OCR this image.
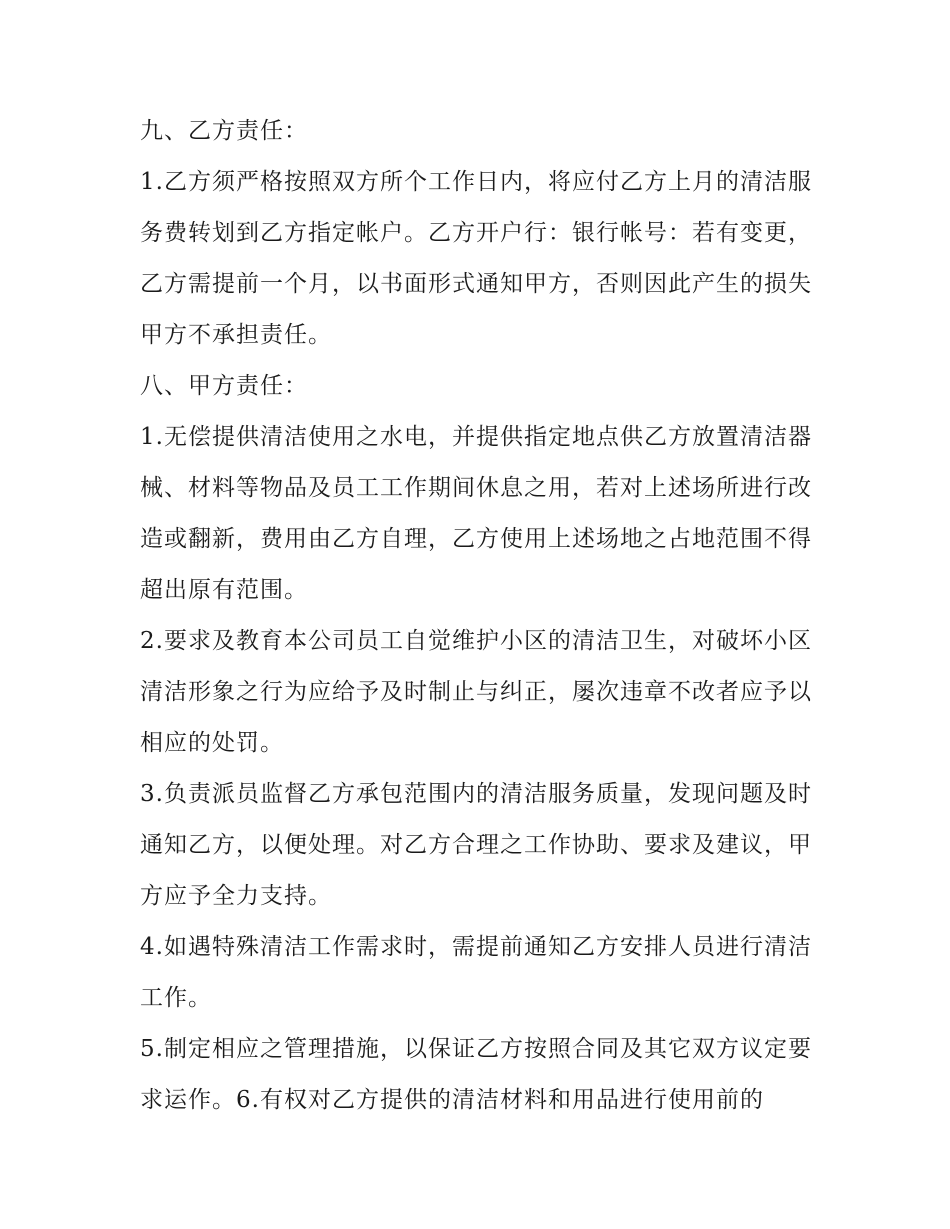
九、乙方责任：

1.乙方须严格按照双方所个工作日内，将应付乙方上月的清洁服务费转划到乙方指定帐户。乙方开户行：银行帐号：若有变更，乙方需提前一个月，以书面形式通知甲方，否则因此产生的损失甲方不承担责任。

八、甲方责任：

1.无偿提供清洁使用之水电，并提供指定地点供乙方放置清洁器械、材料等物品及员工工作期间休息之用，若对上述场所进行改造或翻新，费用由乙方自理，乙方使用上述场地之占地范围不得超出原有范围。

2.要求及教育本公司员工自觉维护小区的清洁卫生，对破坏小区清洁形象之行为应给予及时制止与纠正，屡次违章不改者应予以相应的处罚。

3.负责派员监督乙方承包范围内的清洁服务质量，发现问题及时通知乙方，以便处理。对乙方合理之工作协助、要求及建议，甲方应予全力支持。

4.如遇特殊清洁工作需求时，需提前通知乙方安排人员进行清洁工作。

5.制定相应之管理措施，以保证乙方按照合同及其它双方议定要求运作。6.有权对乙方提供的清洁材料和用品进行使用前的
